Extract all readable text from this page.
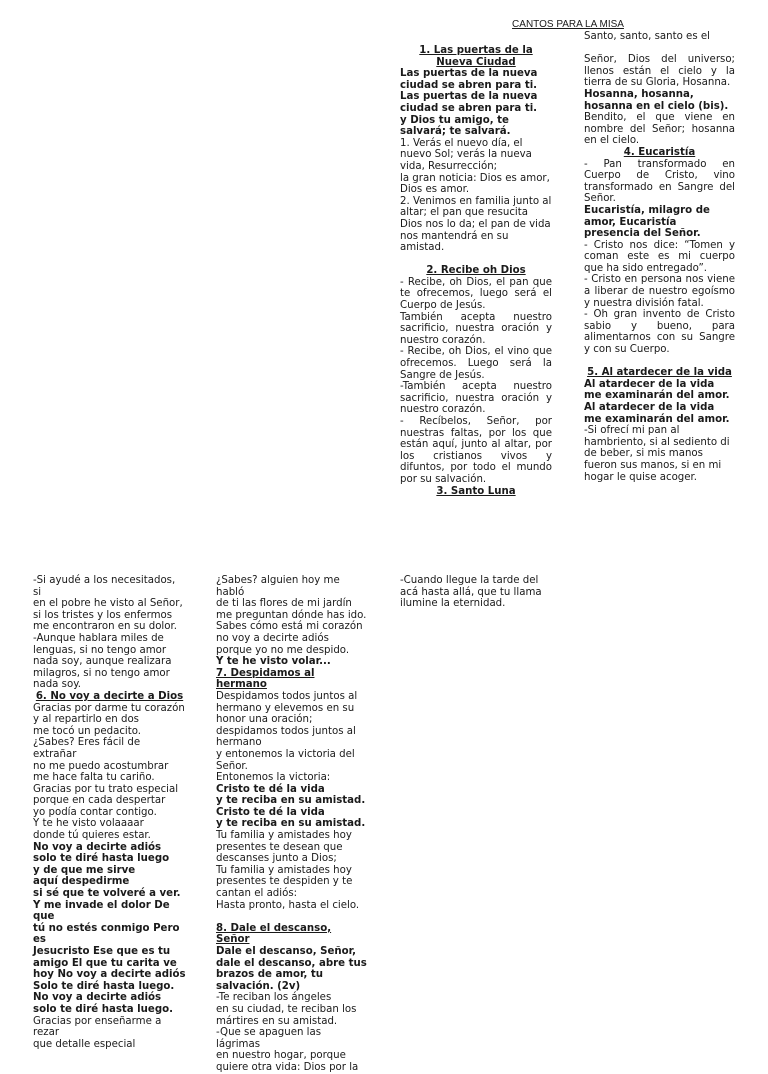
CANTOS PARA LA MISA

1. Las puertas de la Nueva Ciudad

Las puertas de la nueva
ciudad se abren para ti.
Las puertas de la nueva
ciudad se abren para ti.
y Dios tu amigo, te
salvará; te salvará.

1. Verás el nuevo día, el
nuevo Sol; verás la nueva
vida, Resurrección;
la gran noticia: Dios es amor,
Dios es amor.

2. Venimos en familia junto al
altar; el pan que resucita
Dios nos lo da; el pan de vida
nos mantendrá en su
amistad.

2. Recibe oh Dios

- Recibe, oh Dios, el pan que te ofrecemos, luego será el Cuerpo de Jesús.

También acepta nuestro sacrificio, nuestra oración y nuestro corazón.

- Recibe, oh Dios, el vino que ofrecemos. Luego será la Sangre de Jesús.

-También acepta nuestro sacrificio, nuestra oración y nuestro corazón.

- Recíbelos, Señor, por nuestras faltas, por los que están aquí, junto al altar, por los cristianos vivos y difuntos, por todo el mundo por su salvación.

3. Santo Luna

Santo, santo, santo es el

Señor, Dios del universo; llenos están el cielo y la tierra de su Gloria, Hosanna.

Hosanna, hosanna,
hosanna en el cielo (bis).

Bendito, el que viene en nombre del Señor; hosanna en el cielo.

4. Eucaristía

- Pan transformado en Cuerpo de Cristo, vino transformado en Sangre del Señor.

Eucaristía, milagro de amor, Eucaristía presencia del Señor.

- Cristo nos dice: “Tomen y coman este es mi cuerpo que ha sido entregado”.

- Cristo en persona nos viene a liberar de nuestro egoísmo y nuestra división fatal.

- Oh gran invento de Cristo sabio y bueno, para alimentarnos con su Sangre y con su Cuerpo.

5. Al atardecer de la vida

Al atardecer de la vida
me examinarán del amor.
Al atardecer de la vida
me examinarán del amor.

-Si ofrecí mi pan al
hambriento, si al sediento di
de beber, si mis manos
fueron sus manos, si en mi
hogar le quise acoger.

-Si ayudé a los necesitados, si
en el pobre he visto al Señor,
si los tristes y los enfermos
me encontraron en su dolor.

-Aunque hablara miles de
lenguas, si no tengo amor
nada soy, aunque realizara
milagros, si no tengo amor
nada soy.

6. No voy a decirte a Dios

Gracias por darme tu corazón
y al repartirlo en dos
me tocó un pedacito.
¿Sabes? Eres fácil de extrañar
no me puedo acostumbrar
me hace falta tu cariño.
Gracias por tu trato especial
porque en cada despertar
yo podía contar contigo.
Y te he visto volaaaar
donde tú quieres estar.

No voy a decirte adiós
solo te diré hasta luego
y de que me sirve
aquí despedirme
si sé que te volveré a ver.
Y me invade el dolor De
que
tú no estés conmigo Pero
es
Jesucristo Ese que es tu
amigo El que tu carita ve
hoy No voy a decirte adiós
Solo te diré hasta luego.
No voy a decirte adiós
solo te diré hasta luego.

Gracias por enseñarme a
rezar
que detalle especial

¿Sabes? alguien hoy me habló
de ti las flores de mi jardín
me preguntan dónde has ido.
Sabes cómo está mi corazón
no voy a decirte adiós
porque yo no me despido.

Y te he visto volar...

7. Despidamos al hermano

Despidamos todos juntos al
hermano y elevemos en su
honor una oración;
despidamos todos juntos al
hermano
y entonemos la victoria del
Señor.
Entonemos la victoria:

Cristo te dé la vida
y te reciba en su amistad.
Cristo te dé la vida
y te reciba en su amistad.

Tu familia y amistades hoy
presentes te desean que
descanses junto a Dios;
Tu familia y amistades hoy
presentes te despiden y te
cantan el adiós:
Hasta pronto, hasta el cielo.

8. Dale el descanso, Señor

Dale el descanso, Señor,
dale el descanso, abre tus
brazos de amor, tu
salvación. (2v)

-Te reciban los ángeles
en su ciudad, te reciban los
mártires en su amistad.
-Que se apaguen las lágrimas
en nuestro hogar, porque
quiere otra vida: Dios por la

-Cuando llegue la tarde del
acá hasta allá, que tu llama
ilumine la eternidad.
